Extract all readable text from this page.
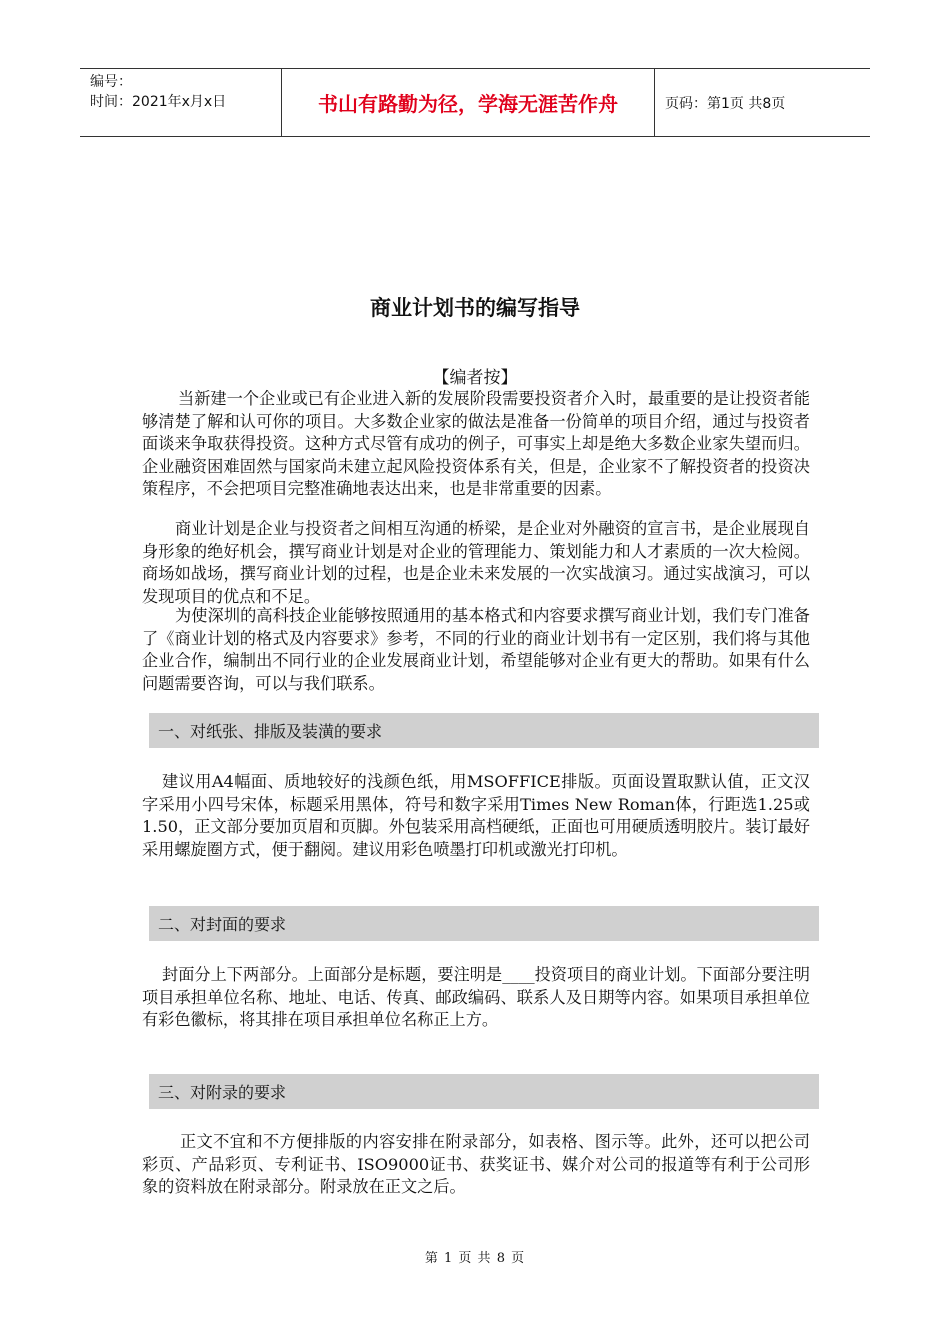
编号：
时间：2021年x月x日	书山有路勤为径，学海无涯苦作舟	页码：第1页 共8页
商业计划书的编写指导
【编者按】
当新建一个企业或已有企业进入新的发展阶段需要投资者介入时，最重要的是让投资者能够清楚了解和认可你的项目。大多数企业家的做法是准备一份简单的项目介绍，通过与投资者面谈来争取获得投资。这种方式尽管有成功的例子，可事实上却是绝大多数企业家失望而归。企业融资困难固然与国家尚未建立起风险投资体系有关，但是，企业家不了解投资者的投资决策程序，不会把项目完整准确地表达出来，也是非常重要的因素。
商业计划是企业与投资者之间相互沟通的桥梁，是企业对外融资的宣言书，是企业展现自身形象的绝好机会，撰写商业计划是对企业的管理能力、策划能力和人才素质的一次大检阅。商场如战场，撰写商业计划的过程，也是企业未来发展的一次实战演习。通过实战演习，可以发现项目的优点和不足。
为使深圳的高科技企业能够按照通用的基本格式和内容要求撰写商业计划，我们专门准备了《商业计划的格式及内容要求》参考，不同的行业的商业计划书有一定区别，我们将与其他企业合作，编制出不同行业的企业发展商业计划，希望能够对企业有更大的帮助。如果有什么问题需要咨询，可以与我们联系。
一、对纸张、排版及装潢的要求
建议用A4幅面、质地较好的浅颜色纸，用MSOFFICE排版。页面设置取默认值，正文汉字采用小四号宋体，标题采用黑体，符号和数字采用Times New Roman体，行距选1.25或1.50，正文部分要加页眉和页脚。外包装采用高档硬纸，正面也可用硬质透明胶片。装订最好采用螺旋圈方式，便于翻阅。建议用彩色喷墨打印机或激光打印机。
二、对封面的要求
封面分上下两部分。上面部分是标题，要注明是____投资项目的商业计划。下面部分要注明项目承担单位名称、地址、电话、传真、邮政编码、联系人及日期等内容。如果项目承担单位有彩色徽标，将其排在项目承担单位名称正上方。
三、对附录的要求
正文不宜和不方便排版的内容安排在附录部分，如表格、图示等。此外，还可以把公司彩页、产品彩页、专利证书、ISO9000证书、获奖证书、媒介对公司的报道等有利于公司形象的资料放在附录部分。附录放在正文之后。
第 1 页 共 8 页
